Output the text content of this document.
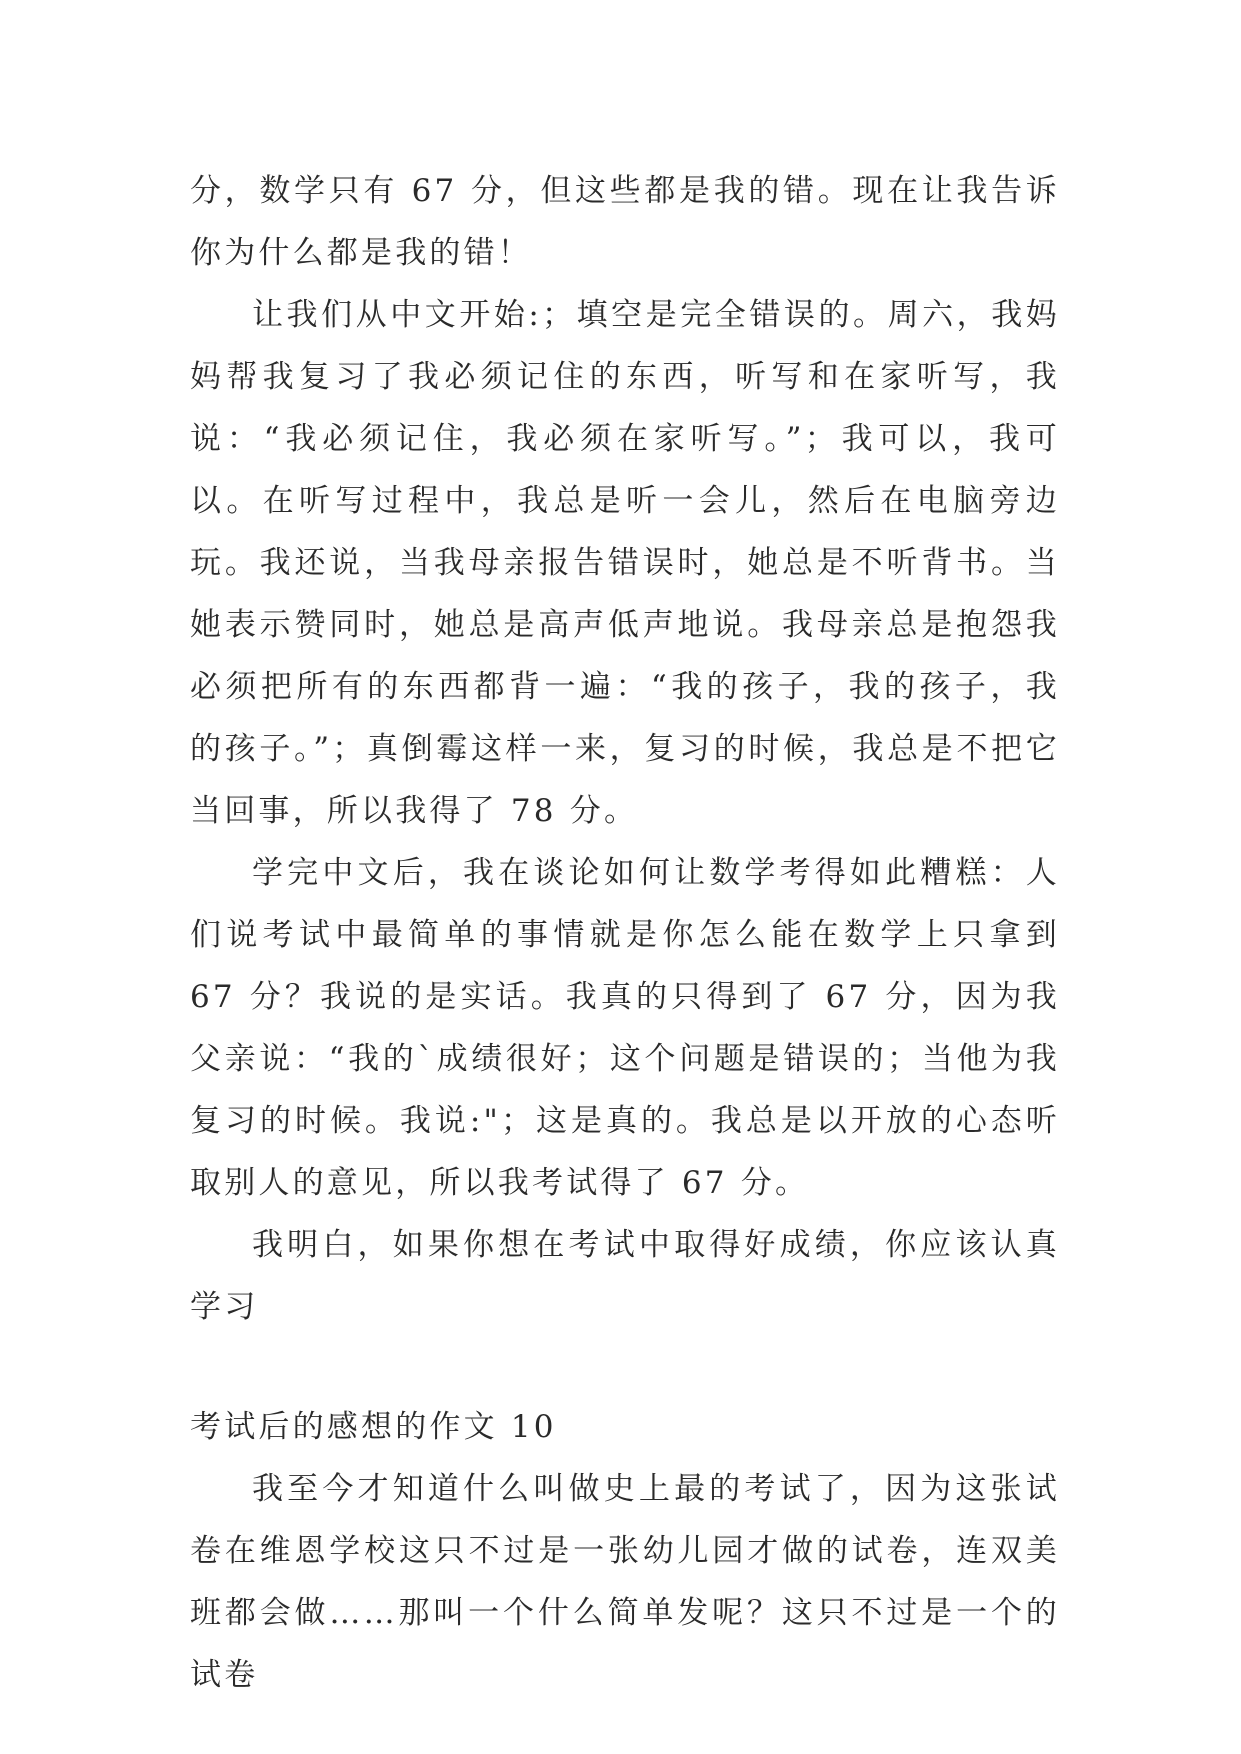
分，数学只有 67 分，但这些都是我的错。现在让我告诉你为什么都是我的错！

让我们从中文开始:；填空是完全错误的。周六，我妈妈帮我复习了我必须记住的东西，听写和在家听写，我说：“我必须记住，我必须在家听写。”；我可以，我可以。在听写过程中，我总是听一会儿，然后在电脑旁边玩。我还说，当我母亲报告错误时，她总是不听背书。当她表示赞同时，她总是高声低声地说。我母亲总是抱怨我必须把所有的东西都背一遍：“我的孩子，我的孩子，我的孩子。”；真倒霉这样一来，复习的时候，我总是不把它当回事，所以我得了 78 分。

学完中文后，我在谈论如何让数学考得如此糟糕：人们说考试中最简单的事情就是你怎么能在数学上只拿到 67 分？我说的是实话。我真的只得到了 67 分，因为我父亲说：“我的`成绩很好；这个问题是错误的；当他为我复习的时候。我说:"；这是真的。我总是以开放的心态听取别人的意见，所以我考试得了 67 分。

我明白，如果你想在考试中取得好成绩，你应该认真学习

考试后的感想的作文 10

我至今才知道什么叫做史上最的考试了，因为这张试卷在维恩学校这只不过是一张幼儿园才做的试卷，连双美班都会做……那叫一个什么简单发呢？这只不过是一个的试卷
